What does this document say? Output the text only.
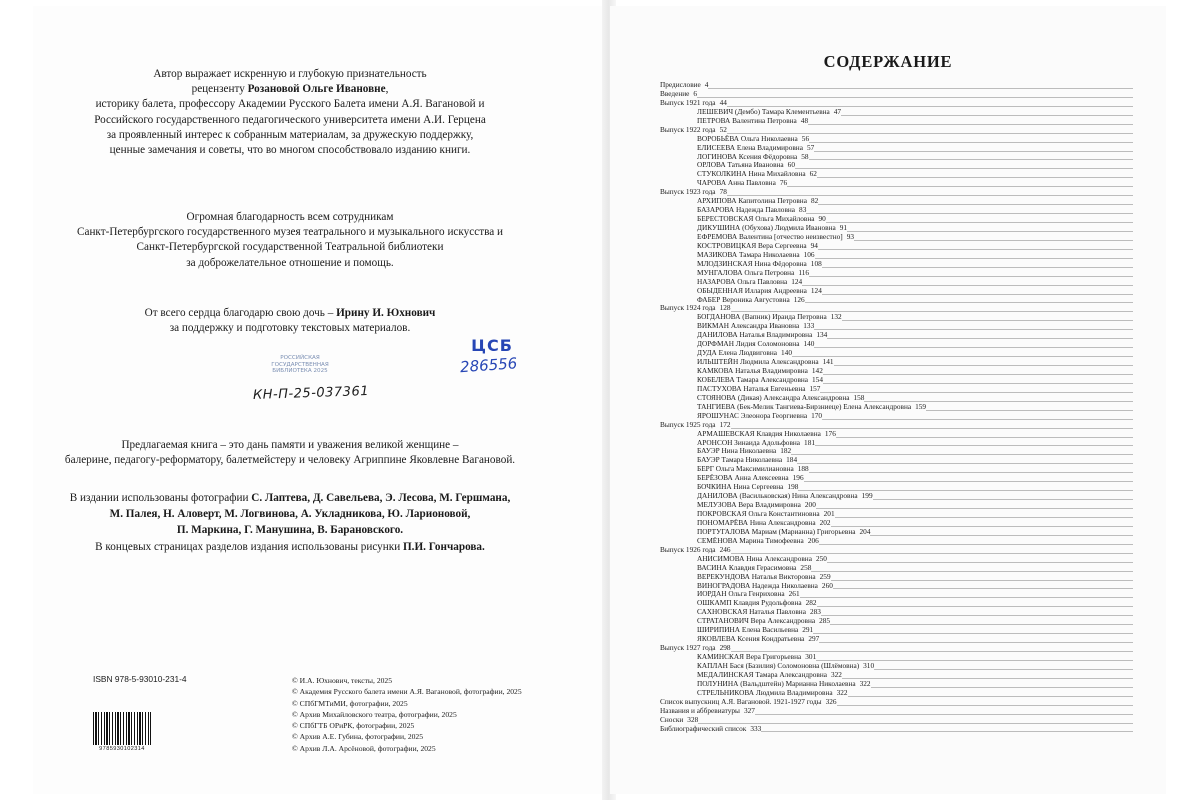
Автор выражает искренную и глубокую признательность
рецензенту Розановой Ольге Ивановне,
историку балета, профессору Академии Русского Балета имени А.Я. Вагановой и
Российского государственного педагогического университета имени А.И. Герцена
за проявленный интерес к собранным материалам, за дружескую поддержку,
ценные замечания и советы, что во многом способствовало изданию книги.
Огромная благодарность всем сотрудникам
Санкт-Петербургского государственного музея театрального и музыкального искусства и
Санкт-Петербургской государственной Театральной библиотеки
за доброжелательное отношение и помощь.
От всего сердца благодарю свою дочь – Ирину И. Юхнович
за поддержку и подготовку текстовых материалов.
РОССИЙСКАЯ ГОСУДАРСТВЕННАЯ БИБЛИОТЕКА 2025
КН-П-25-037361
ЦСБ
286556
Предлагаемая книга – это дань памяти и уважения великой женщине –
балерине, педагогу-реформатору, балетмейстеру и человеку Агриппине Яковлевне Вагановой.
В издании использованы фотографии С. Лаптева, Д. Савельева, Э. Лесова, М. Гершмана,
М. Палея, Н. Аловерт, М. Логвинова, А. Укладникова, Ю. Ларионовой,
П. Маркина, Г. Манушина, В. Барановского.
В концевых страницах разделов издания использованы рисунки П.И. Гончарова.
ISBN 978-5-93010-231-4
9785930102314
© И.А. Юхнович, тексты, 2025
© Академия Русского балета имени А.Я. Вагановой, фотографии, 2025
© СПбГМТиМИ, фотографии, 2025
© Архив Михайловского театра, фотографии, 2025
© СПбГТБ ОРиРК, фотографии, 2025
© Архив А.Е. Губина, фотографии, 2025
© Архив Л.А. Арсёновой, фотографии, 2025
СОДЕРЖАНИЕ
Предисловие 4
Введение 6
Выпуск 1921 года 44
ЛЕШЕВИЧ (Дембо) Тамара Клементьевна 47
ПЕТРОВА Валентина Петровна 48
Выпуск 1922 года 52
ВОРОБЬЁВА Ольга Николаевна 56
ЕЛИСЕЕВА Елена Владимировна 57
ЛОГИНОВА Ксения Фёдоровна 58
ОРЛОВА Татьяна Ивановна 60
СТУКОЛКИНА Нина Михайловна 62
ЧАРОВА Анна Павловна 76
Выпуск 1923 года 78
АРХИПОВА Капитолина Петровна 82
БАЗАРОВА Надежда Павловна 83
БЕРЕСТОВСКАЯ Ольга Михайловна 90
ДИКУШИНА (Обухова) Людмила Ивановна 91
ЕФРЕМОВА Валентина [отчество неизвестно] 93
КОСТРОВИЦКАЯ Вера Сергеевна 94
МАЗИКОВА Тамара Николаевна 106
МЛОДЗИНСКАЯ Нина Фёдоровна 108
МУНГАЛОВА Ольга Петровна 116
НАЗАРОВА Ольга Павловна 124
ОБЫДЕННАЯ Иллария Андреевна 124
ФАБЕР Вероника Августовна 126
Выпуск 1924 года 128
БОГДАНОВА (Вапник) Ираида Петровна 132
ВИКМАН Александра Ивановна 133
ДАНИЛОВА Наталья Владимировна 134
ДОРФМАН Лидия Соломоновна 140
ДУДА Елена Людвиговна 140
ИЛЬШТЕЙН Людмила Александровна 141
КАМКОВА Наталья Владимировна 142
КОБЕЛЕВА Тамара Александровна 154
ПАСТУХОВА Наталья Евгеньевна 157
СТОЯНОВА (Дикая) Александра Александровна 158
ТАНГИЕВА (Бек-Мелик Тангиева-Бирзниеце) Елена Александровна 159
ЯРОШУНАС Элеонора Георгиевна 170
Выпуск 1925 года 172
АРМАШЕВСКАЯ Клавдия Николаевна 176
АРОНСОН Зинаида Адольфовна 181
БАУЭР Нина Николаевна 182
БАУЭР Тамара Николаевна 184
БЕРГ Ольга Максимилиановна 188
БЕРЁЗОВА Анна Алексеевна 196
БОЧКИНА Нина Сергеевна 198
ДАНИЛОВА (Васильковская) Нина Александровна 199
МЕЛУЗОВА Вера Владимировна 200
ПОКРОВСКАЯ Ольга Константиновна 201
ПОНОМАРЁВА Нина Александровна 202
ПОРТУГАЛОВА Мариам (Марианна) Григорьевна 204
СЕМЁНОВА Марина Тимофеевна 206
Выпуск 1926 года 246
АНИСИМОВА Нина Александровна 250
ВАСИНА Клавдия Герасимовна 258
ВЕРЕКУНДОВА Наталья Викторовна 259
ВИНОГРАДОВА Надежда Николаевна 260
ИОРДАН Ольга Генриховна 261
ОШКАМП Клавдия Рудольфовна 282
САХНОВСКАЯ Наталья Павловна 283
СТРАТАНОВИЧ Вера Александровна 285
ШИРИПИНА Елена Васильевна 291
ЯКОВЛЕВА Ксения Кондратьевна 297
Выпуск 1927 года 298
КАМИНСКАЯ Вера Григорьевна 301
КАПЛАН Бася (Базилия) Соломоновна (Шлёмовна) 310
МЕДАЛИНСКАЯ Тамара Александровна 322
ПОЛУНИНА (Вальдштейн) Марианна Николаевна 322
СТРЕЛЬНИКОВА Людмила Владимировна 322
Список выпускниц А.Я. Вагановой. 1921-1927 годы 326
Названия и аббревиатуры 327
Сноски 328
Библиографический список 333
